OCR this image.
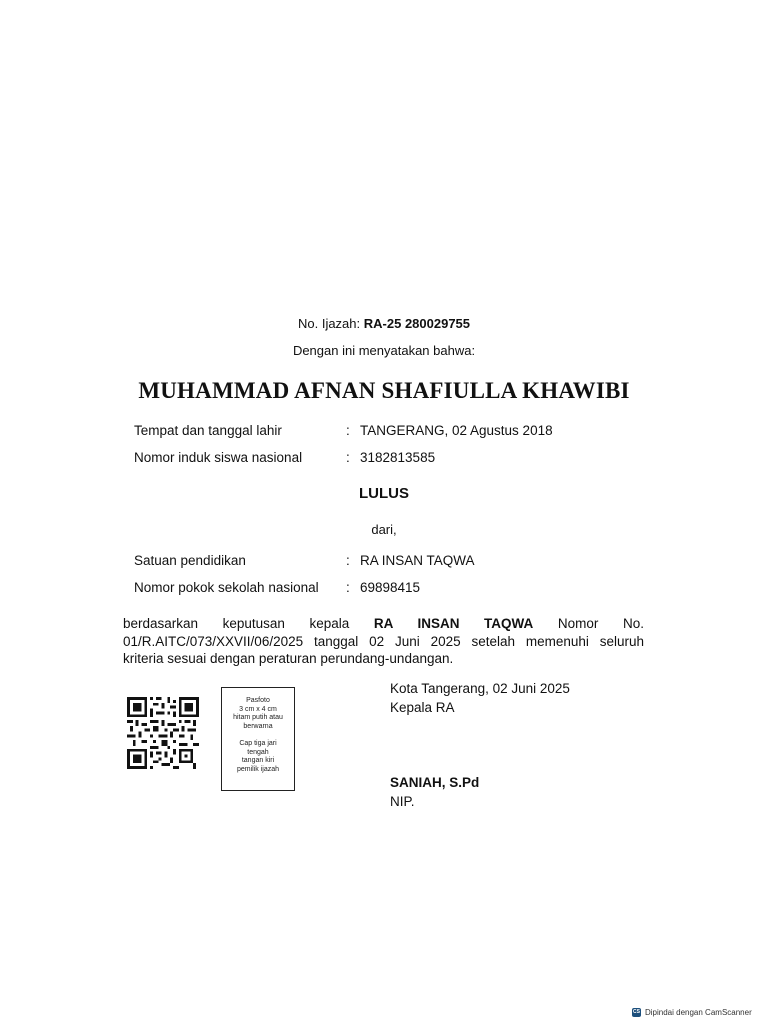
No. Ijazah: RA-25 280029755
Dengan ini menyatakan bahwa:
MUHAMMAD AFNAN SHAFIULLA KHAWIBI
Tempat dan tanggal lahir	: TANGERANG, 02 Agustus 2018
Nomor induk siswa nasional	: 3182813585
LULUS
dari,
Satuan pendidikan	: RA INSAN TAQWA
Nomor pokok sekolah nasional : 69898415
berdasarkan keputusan kepala RA INSAN TAQWA Nomor No.
01/R.AITC/073/XXVII/06/2025 tanggal 02 Juni 2025 setelah memenuhi seluruh
kriteria sesuai dengan peraturan perundang-undangan.
Pasfoto
3 cm x 4 cm
hitam putih atau
berwarna
Cap tiga jari
tengah
tangan kiri
pemilik ijazah
Kota Tangerang, 02 Juni 2025
Kepala RA
SANIAH, S.Pd
NIP.
CS Dipindai dengan CamScanner
